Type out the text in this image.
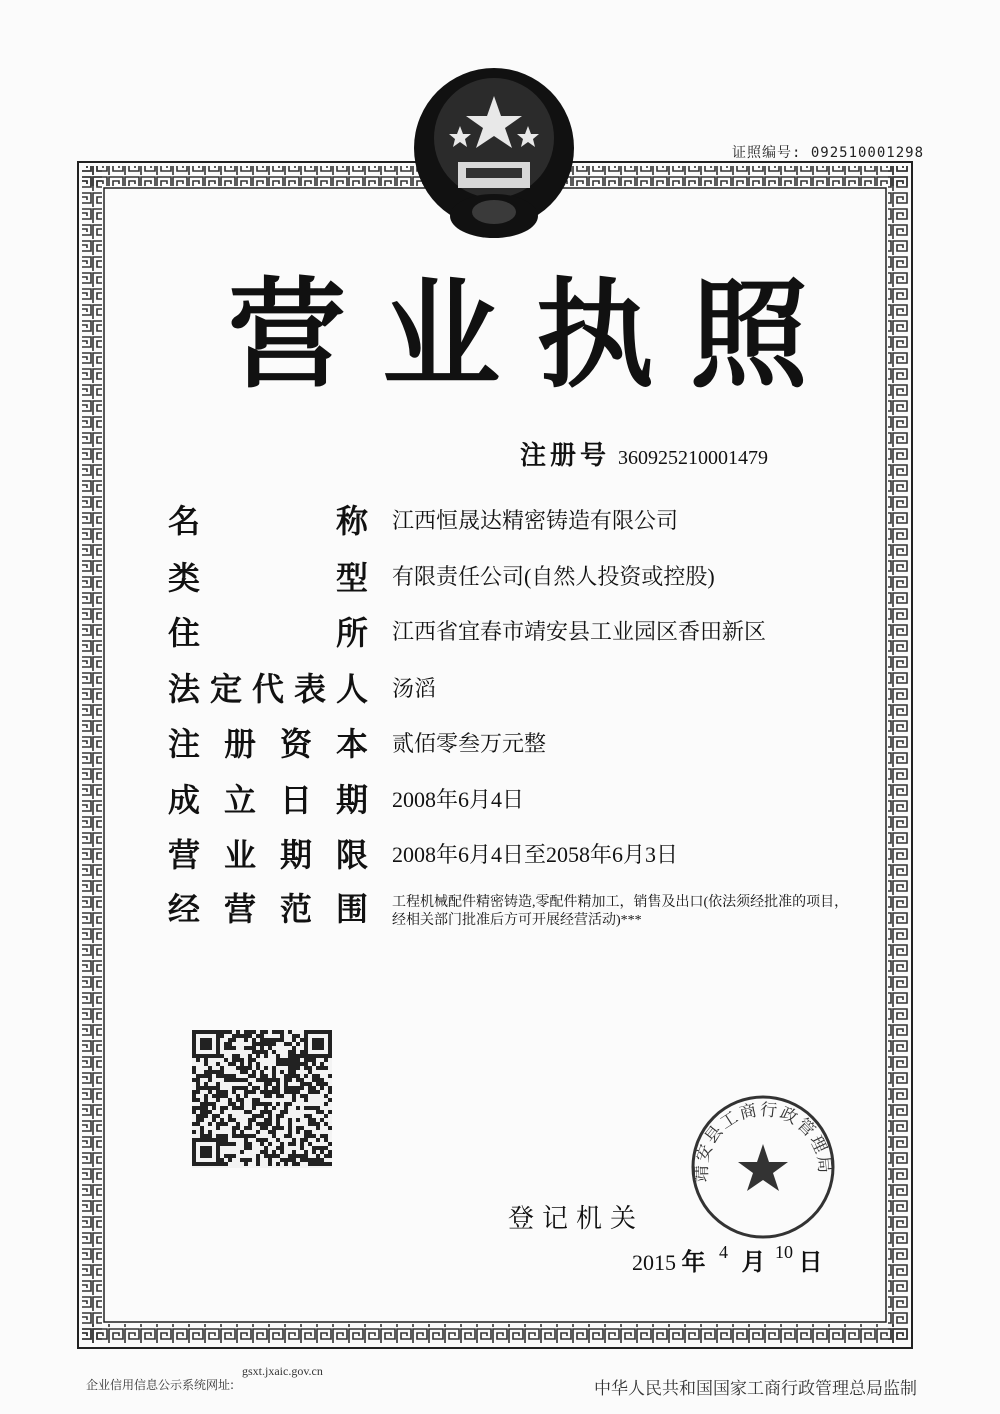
证照编号: 092510001298
营业执照
注册号 360925210001479
名	称 江西恒晟达精密铸造有限公司
类	型 有限责任公司(自然人投资或控股)
住	所 江西省宜春市靖安县工业园区香田新区
法 定 代 表 人 汤滔
注 册 资 本 贰佰零叁万元整
成 立 日 期 2008年6月4日
营 业 期 限 2008年6月4日至2058年6月3日
经 营 范 围 工程机械配件精密铸造,零配件精加工，销售及出口(依法须经批准的项目，经相关部门批准后方可开展经营活动)***
靖安县工商行政管理局
登记机关
2015 年 $^4$ 月 $^{10}$ 日
企业信用信息公示系统网址:
gsxt.jxaic.gov.cn
中华人民共和国国家工商行政管理总局监制
